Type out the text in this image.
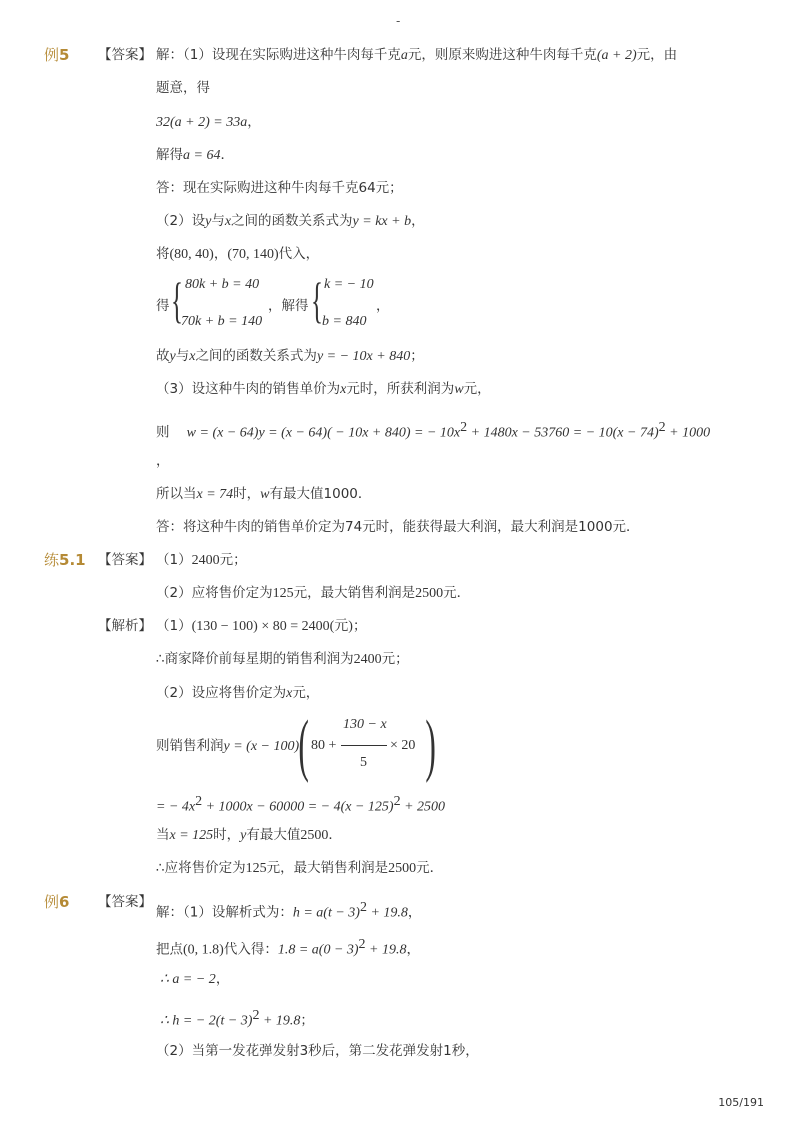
-
例5 【答案】 解：（1）设现在实际购进这种牛肉每千克a元，则原来购进这种牛肉每千克(a + 2)元，由
题意，得
32(a + 2) = 33a，
解得a = 64．
答：现在实际购进这种牛肉每千克64元；
（2）设y与x之间的函数关系式为y = kx + b，
将(80, 40)，(70, 140)代入，
得 { 80k + b = 40
70k + b = 140
，解得 { k = − 10
b = 840
，
故y与x之间的函数关系式为y = − 10x + 840；
（3）设这种牛肉的销售单价为x元时，所获利润为w元，
则 w = (x − 64)y = (x − 64)( − 10x + 840) = − $10x^2 + 1480x - 53760$ = − $10(x - 74)^2 + 1000$
，
所以当x = 74时，w有最大值1000．
答：将这种牛肉的销售单价定为74元时，能获得最大利润，最大利润是1000元．
练5.1 【答案】 （1）2400元；
（2）应将售价定为125元，最大销售利润是2500元．
【解析】 （1）(130 − 100) × 80 = 2400(元)；
∴商家降价前每星期的销售利润为2400元；
（2）设应将售价定为x元，
则销售利润y = (x − 100) ( 80 +
130 − x
5
× 20 )
= − $4x^2 + 1000x - 60000$ = − $4(x - 125)^2 + 2500$
当x = 125时，y有最大值2500．
∴应将售价定为125元，最大销售利润是2500元．
例6 【答案】
解：（1）设解析式为：$h = a(t - 3)^2 + 19.8$，
把点(0, 1.8)代入得：$1.8 = a(0 - 3)^2 + 19.8$，
∴ a = − 2，
∴ h = − $2(t - 3)^2 + 19.8$；
（2）当第一发花弹发射3秒后，第二发花弹发射1秒，
105/191
